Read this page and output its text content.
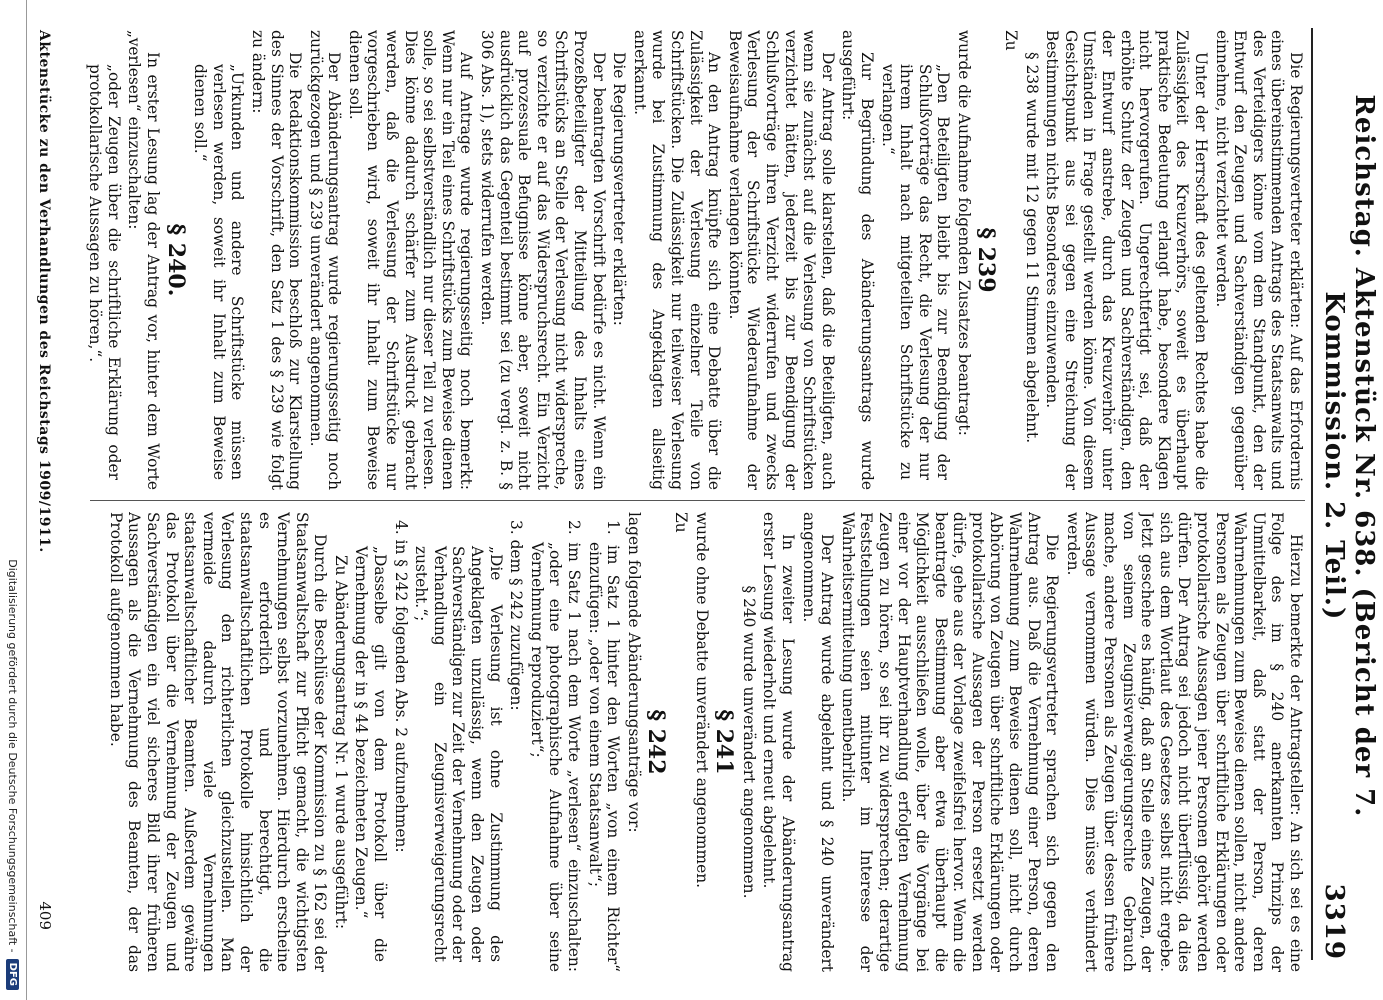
Reichstag. Aktenstück Nr. 638. (Bericht der 7. Kommission. 2. Teil.)
3319

Die Regierungsvertreter erklärten: Auf das Erfordernis eines übereinstimmenden Antrags des Staatsanwalts und des Verteidigers könne vom dem Standpunkt, den der Entwurf den Zeugen und Sachverständigen gegenüber einnehme, nicht verzichtet werden.

Unter der Herrschaft des geltenden Rechtes habe die Zulässigkeit des Kreuzverhörs, soweit es überhaupt praktische Bedeutung erlangt habe, besondere Klagen nicht hervorgerufen. Ungerechtfertigt sei, daß der erhöhte Schutz der Zeugen und Sachverständigen, den der Entwurf anstrebe, durch das Kreuzverhör unter Umständen in Frage gestellt werden könne. Von diesem Gesichtspunkt aus sei gegen eine Streichung der Bestimmungen nichts Besonderes einzuwenden.

§ 238 wurde mit 12 gegen 11 Stimmen abgelehnt.

Zu

§ 239

wurde die Aufnahme folgenden Zusatzes beantragt:

„Den Beteiligten bleibt bis zur Beendigung der Schlußvorträge das Recht, die Verlesung der nur ihrem Inhalt nach mitgeteilten Schriftstücke zu verlangen.“

Zur Begründung des Abänderungsantrags wurde ausgeführt:

Der Antrag solle klarstellen, daß die Beteiligten, auch wenn sie zunächst auf die Verlesung von Schriftstücken verzichtet hätten, jederzeit bis zur Beendigung der Schlußvorträge ihren Verzicht widerrufen und zwecks Verlesung der Schriftstücke Wiederaufnahme der Beweisaufnahme verlangen könnten.

An den Antrag knüpfte sich eine Debatte über die Zulässigkeit der Verlesung einzelner Teile von Schriftstücken. Die Zulässigkeit nur teilweiser Verlesung wurde bei Zustimmung des Angeklagten allseitig anerkannt.

Die Regierungsvertreter erklärten:

Der beantragten Vorschrift bedürfe es nicht. Wenn ein Prozeßbeteiligter der Mitteilung des Inhalts eines Schriftstücks an Stelle der Verlesung nicht widerspreche, so verzichte er auf das Widerspruchsrecht. Ein Verzicht auf prozessuale Befugnisse könne aber, soweit nicht ausdrücklich das Gegenteil bestimmt sei (zu vergl. z. B. § 306 Abs. 1), stets widerrufen werden.

Auf Antrage wurde regierungsseitig noch bemerkt: Wenn nur ein Teil eines Schriftstücks zum Beweise dienen solle, so sei selbstverständlich nur dieser Teil zu verlesen. Dies könne dadurch schärfer zum Ausdruck gebracht werden, daß die Verlesung der Schriftstücke nur vorgeschrieben wird, soweit ihr Inhalt zum Beweise dienen soll.

Der Abänderungsantrag wurde regierungsseitig noch zurückgezogen und § 239 unverändert angenommen.

Die Redaktionskommission beschloß zur Klarstellung des Sinnes der Vorschrift, den Satz 1 des § 239 wie folgt zu ändern:

„Urkunden und andere Schriftstücke müssen verlesen werden, soweit ihr Inhalt zum Beweise dienen soll.“

§ 240.

In erster Lesung lag der Antrag vor, hinter dem Worte „verlesen“ einzuschalten:

„oder Zeugen über die schriftliche Erklärung oder protokollarische Aussagen zu hören,“.

Hierzu bemerkte der Antragsteller: An sich sei es eine Folge des im § 240 anerkannten Prinzips der Unmittelbarkeit, daß statt der Person, deren Wahrnehmungen zum Beweise dienen sollen, nicht andere Personen als Zeugen über schriftliche Erklärungen oder protokollarische Aussagen jener Personen gehört werden dürfen. Der Antrag sei jedoch nicht überflüssig, da dies sich aus dem Wortlaut des Gesetzes selbst nicht ergebe. Jetzt geschehe es häufig, daß an Stelle eines Zeugen, der von seinem Zeugnisverweigerungsrechte Gebrauch mache, andere Personen als Zeugen über dessen frühere Aussage vernommen würden. Dies müsse verhindert werden.

Die Regierungsvertreter sprachen sich gegen den Antrag aus. Daß die Vernehmung einer Person, deren Wahrnehmung zum Beweise dienen soll, nicht durch Abhörung von Zeugen über schriftliche Erklärungen oder protokollarische Aussagen der Person ersetzt werden dürfe, gehe aus der Vorlage zweifelsfrei hervor. Wenn die beantragte Bestimmung aber etwa überhaupt die Möglichkeit ausschließen wolle, über die Vorgänge bei einer vor der Hauptverhandlung erfolgten Vernehmung Zeugen zu hören, so sei ihr zu widersprechen; derartige Feststellungen seien mitunter im Interesse der Wahrheitsermittelung unentbehrlich.

Der Antrag wurde abgelehnt und § 240 unverändert angenommen.

In zweiter Lesung wurde der Abänderungsantrag erster Lesung wiederholt und erneut abgelehnt.

§ 240 wurde unverändert angenommen.

§ 241

wurde ohne Debatte unverändert angenommen.

Zu

§ 242

lagen folgende Abänderungsanträge vor:

1. im Satz 1 hinter den Worten „von einem Richter“ einzufügen: „oder von einem Staatsanwalt“;

2. im Satz 1 nach dem Worte „verlesen“ einzuschalten: „oder eine photographische Aufnahme über seine Vernehmung reproduziert“;

3. dem § 242 zuzufügen:

„Die Verlesung ist ohne Zustimmung des Angeklagten unzulässig, wenn den Zeugen oder Sachverständigen zur Zeit der Vernehmung oder der Verhandlung ein Zeugnisverweigerungsrecht zusteht.“;

4. in § 242 folgenden Abs. 2 aufzunehmen:

„Dasselbe gilt von dem Protokoll über die Vernehmung der in § 44 bezeichneten Zeugen.“

Zu Abänderungsantrag Nr. 1 wurde ausgeführt:

Durch die Beschlüsse der Kommission zu § 162 sei der Staatsanwaltschaft zur Pflicht gemacht, die wichtigsten Vernehmungen selbst vorzunehmen. Hierdurch erscheine es erforderlich und berechtigt, die staatsanwaltschaftlichen Protokolle hinsichtlich der Verlesung den richterlichen gleichzustellen. Man vermeide dadurch viele Vernehmungen staatsanwaltschaftlicher Beamten. Außerdem gewähre das Protokoll über die Vernehmung der Zeugen und Sachverständigen ein viel sicheres Bild ihrer früheren Aussagen als die Vernehmung des Beamten, der das Protokoll aufgenommen habe.

Aktenstücke zu den Verhandlungen des Reichstags 1909/1911.
409
Digitalisierung gefördert durch die Deutsche Forschungsgemeinschaft -
DFG
